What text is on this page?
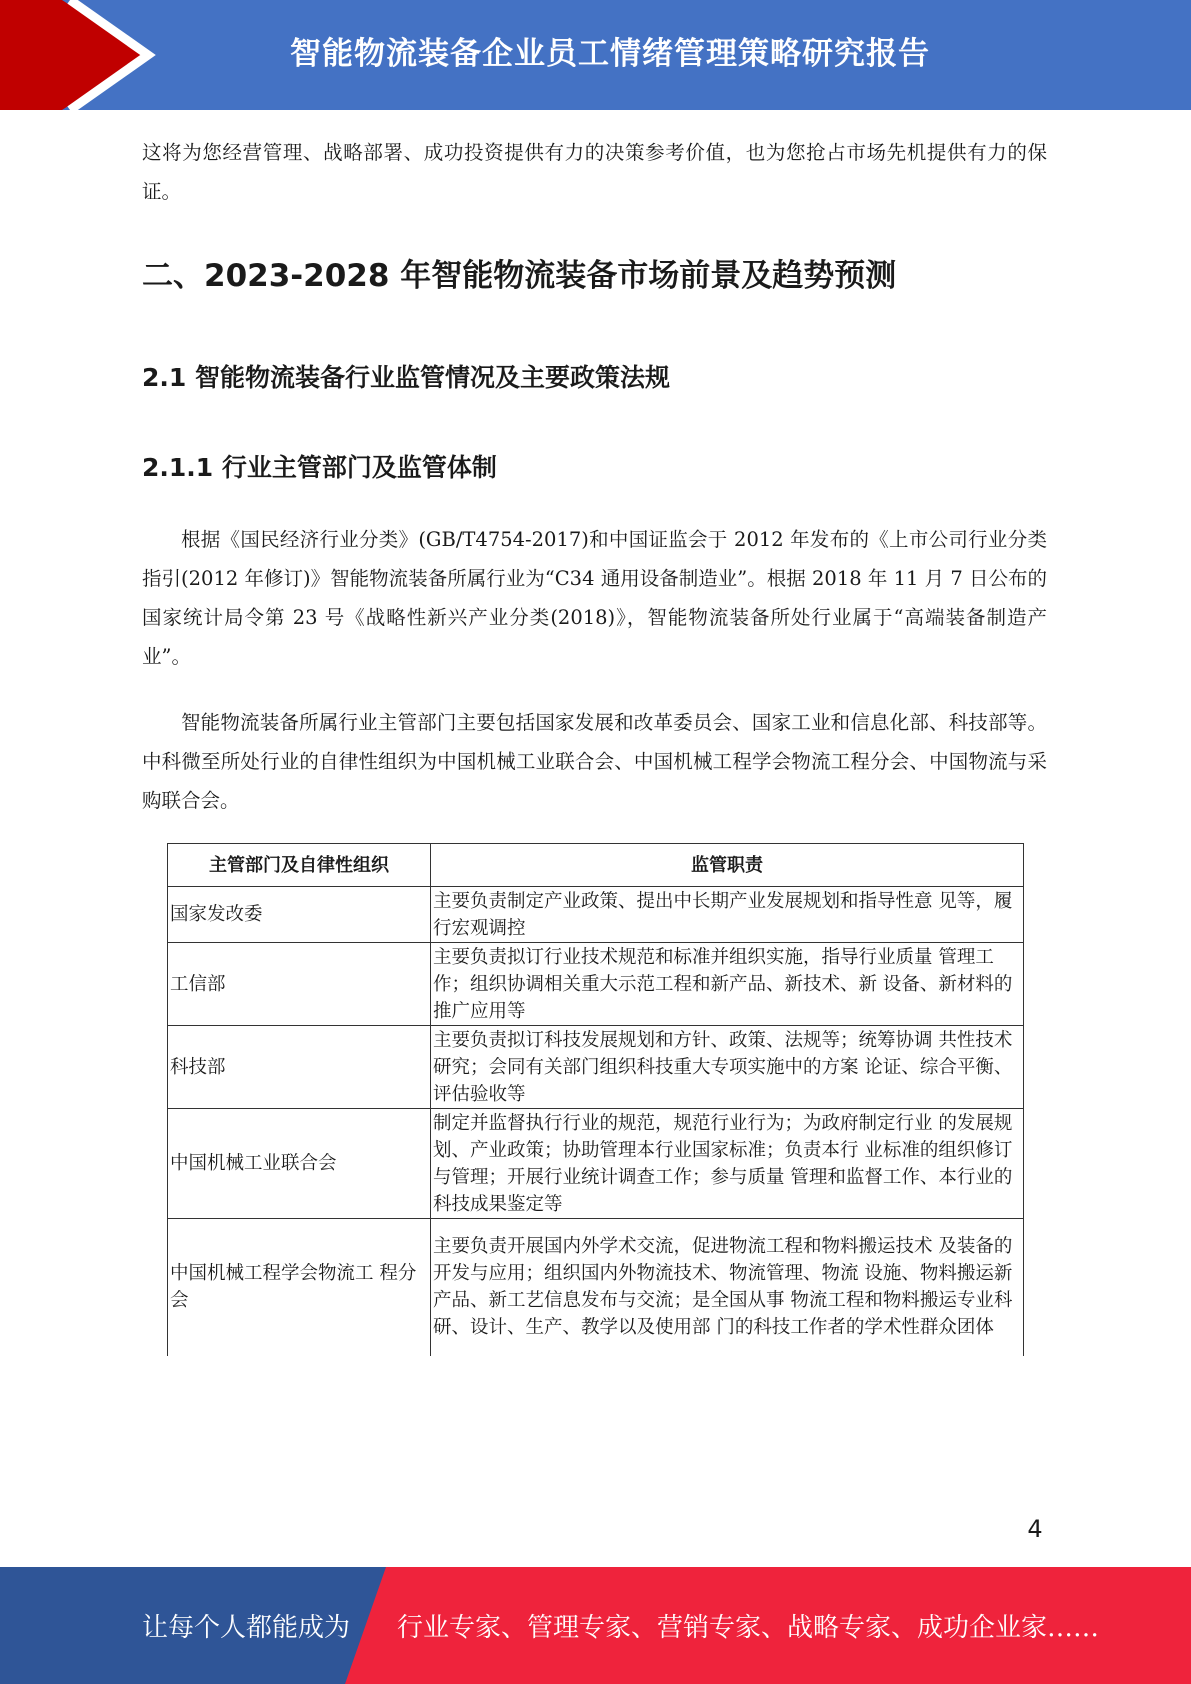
智能物流装备企业员工情绪管理策略研究报告

这将为您经营管理、战略部署、成功投资提供有力的决策参考价值，也为您抢占市场先机提供有力的保证。

二、2023-2028 年智能物流装备市场前景及趋势预测
2.1 智能物流装备行业监管情况及主要政策法规
2.1.1 行业主管部门及监管体制

根据《国民经济行业分类》(GB/T4754-2017)和中国证监会于 2012 年发布的《上市公司行业分类指引(2012 年修订)》智能物流装备所属行业为“C34 通用设备制造业”。根据 2018 年 11 月 7 日公布的国家统计局令第 23 号《战略性新兴产业分类(2018)》，智能物流装备所处行业属于“高端装备制造产业”。

智能物流装备所属行业主管部门主要包括国家发展和改革委员会、国家工业和信息化部、科技部等。中科微至所处行业的自律性组织为中国机械工业联合会、中国机械工程学会物流工程分会、中国物流与采购联合会。

主管部门及自律性组织	监管职责
国家发改委	主要负责制定产业政策、提出中长期产业发展规划和指导性意 见等，履行宏观调控
工信部	主要负责拟订行业技术规范和标准并组织实施，指导行业质量 管理工作；组织协调相关重大示范工程和新产品、新技术、新 设备、新材料的推广应用等
科技部	主要负责拟订科技发展规划和方针、政策、法规等；统筹协调 共性技术研究；会同有关部门组织科技重大专项实施中的方案 论证、综合平衡、评估验收等
中国机械工业联合会	制定并监督执行行业的规范，规范行业行为；为政府制定行业 的发展规划、产业政策；协助管理本行业国家标准；负责本行 业标准的组织修订与管理；开展行业统计调查工作；参与质量 管理和监督工作、本行业的科技成果鉴定等
中国机械工程学会物流工 程分会	主要负责开展国内外学术交流，促进物流工程和物料搬运技术 及装备的开发与应用；组织国内外物流技术、物流管理、物流 设施、物料搬运新产品、新工艺信息发布与交流；是全国从事 物流工程和物料搬运专业科研、设计、生产、教学以及使用部 门的科技工作者的学术性群众团体
4
让每个人都能成为 行业专家、管理专家、营销专家、战略专家、成功企业家……
